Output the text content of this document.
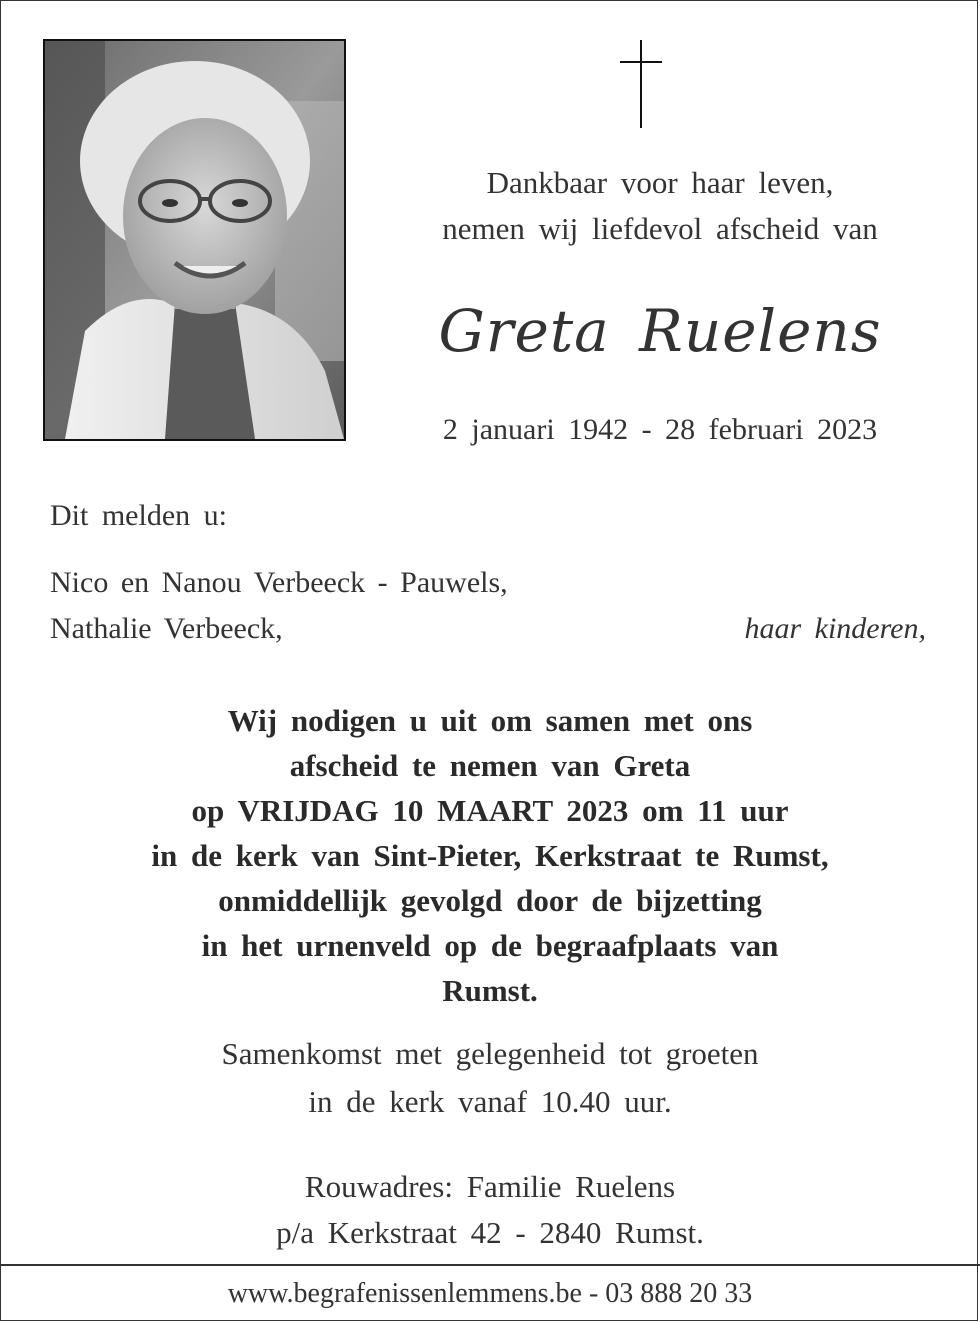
Dankbaar voor haar leven,
nemen wij liefdevol afscheid van
Greta Ruelens
2 januari 1942 - 28 februari 2023
Dit melden u:
Nico en Nanou Verbeeck - Pauwels,
Nathalie Verbeeck,	haar kinderen,
Wij nodigen u uit om samen met ons
afscheid te nemen van Greta
op VRIJDAG 10 MAART 2023 om 11 uur
in de kerk van Sint-Pieter, Kerkstraat te Rumst,
onmiddellijk gevolgd door de bijzetting
in het urnenveld op de begraafplaats van
Rumst.
Samenkomst met gelegenheid tot groeten
in de kerk vanaf 10.40 uur.
Rouwadres: Familie Ruelens
p/a Kerkstraat 42 - 2840 Rumst.
www.begrafenissenlemmens.be - 03 888 20 33
